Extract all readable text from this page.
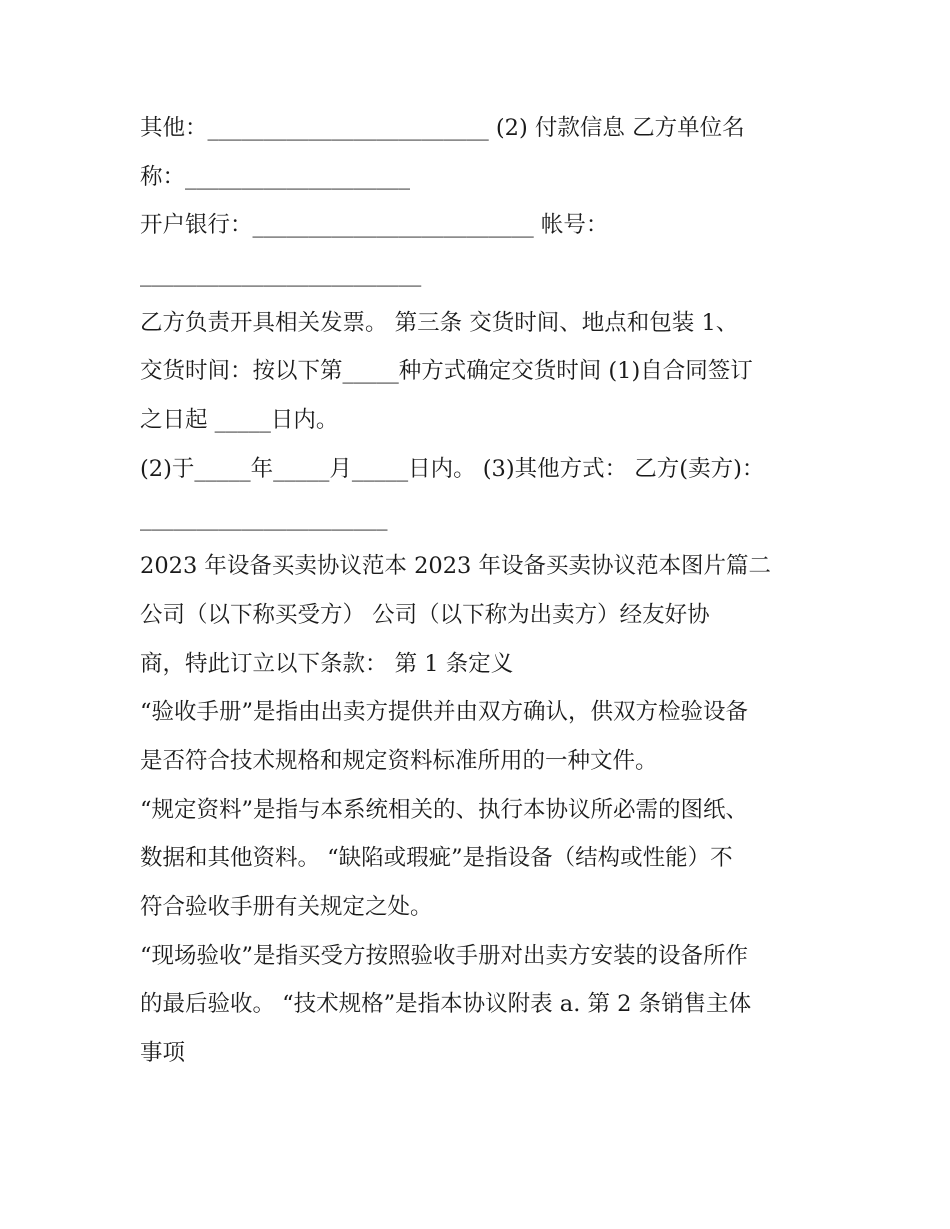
其他：_________________________ (2) 付款信息 乙方单位名
称：____________________
开户银行：_________________________ 帐号：
_________________________
乙方负责开具相关发票。 第三条 交货时间、地点和包装 1、
交货时间：按以下第_____种方式确定交货时间 (1)自合同签订
之日起 _____日内。
(2)于_____年_____月_____日内。 (3)其他方式： 乙方(卖方)：
______________________
2023 年设备买卖协议范本 2023 年设备买卖协议范本图片篇二
公司（以下称买受方） 公司（以下称为出卖方）经友好协
商，特此订立以下条款： 第 1 条定义
“验收手册”是指由出卖方提供并由双方确认，供双方检验设备
是否符合技术规格和规定资料标准所用的一种文件。
“规定资料”是指与本系统相关的、执行本协议所必需的图纸、
数据和其他资料。 “缺陷或瑕疵”是指设备（结构或性能）不
符合验收手册有关规定之处。
“现场验收”是指买受方按照验收手册对出卖方安装的设备所作
的最后验收。 “技术规格”是指本协议附表 a. 第 2 条销售主体
事项
